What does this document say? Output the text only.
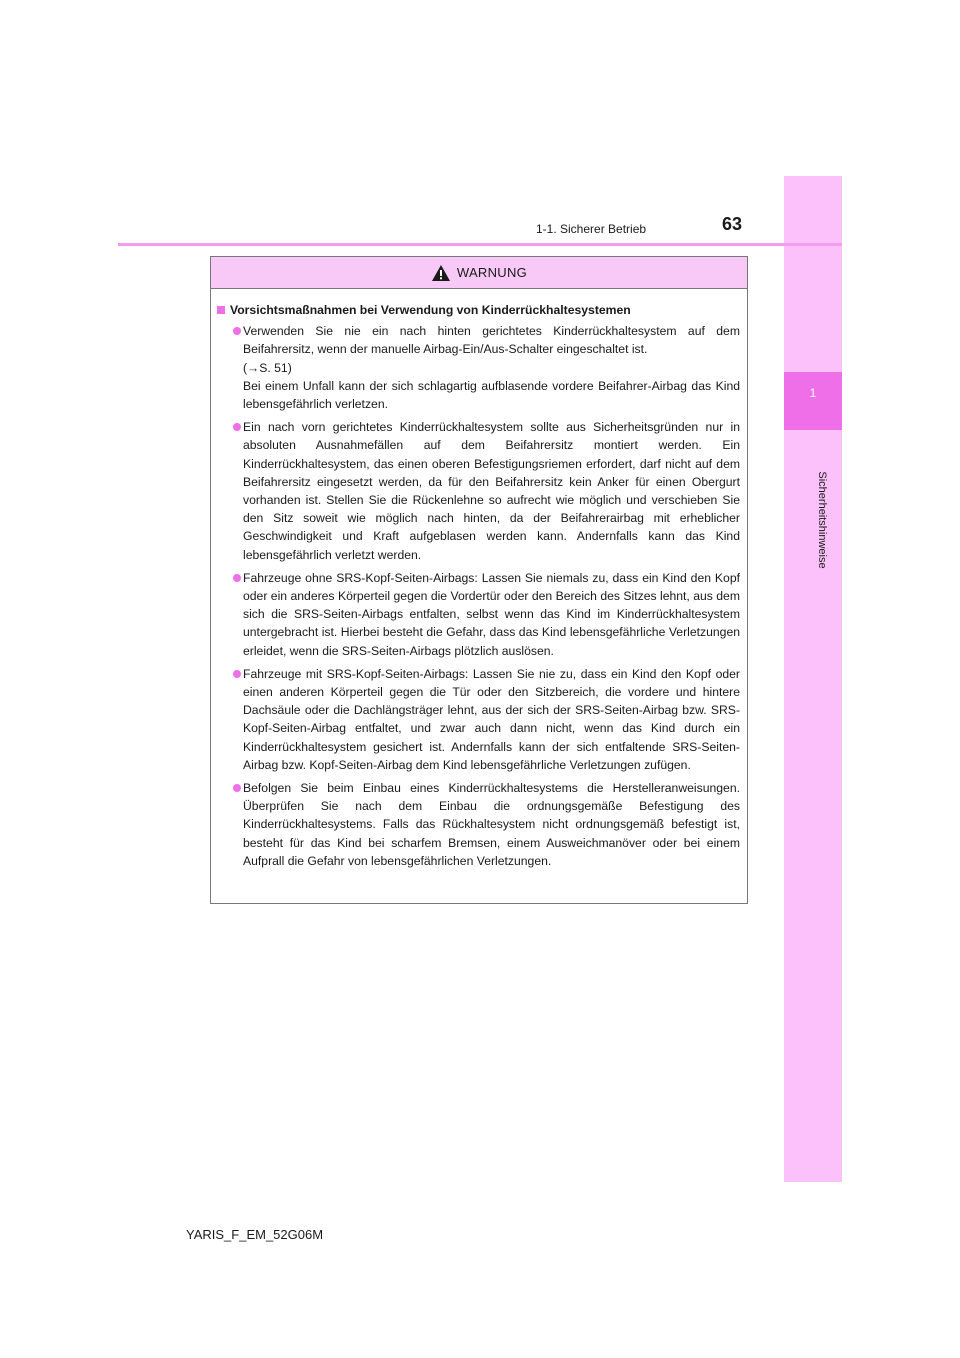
1
Sicherheitshinweise
1-1. Sicherer Betrieb	63
WARNUNG
Vorsichtsmaßnahmen bei Verwendung von Kinderrückhaltesystemen

Verwenden Sie nie ein nach hinten gerichtetes Kinderrückhaltesystem auf dem Beifahrersitz, wenn der manuelle Airbag-Ein/Aus-Schalter eingeschaltet ist.

(→S. 51)

Bei einem Unfall kann der sich schlagartig aufblasende vordere Beifahrer-Airbag das Kind lebensgefährlich verletzen.

Ein nach vorn gerichtetes Kinderrückhaltesystem sollte aus Sicherheitsgründen nur in absoluten Ausnahmefällen auf dem Beifahrersitz montiert werden. Ein Kinderrückhaltesystem, das einen oberen Befestigungsriemen erfordert, darf nicht auf dem Beifahrersitz eingesetzt werden, da für den Beifahrersitz kein Anker für einen Obergurt vorhanden ist. Stellen Sie die Rückenlehne so aufrecht wie möglich und verschieben Sie den Sitz soweit wie möglich nach hinten, da der Beifahrerairbag mit erheblicher Geschwindigkeit und Kraft aufgeblasen werden kann. Andernfalls kann das Kind lebensgefährlich verletzt werden.

Fahrzeuge ohne SRS-Kopf-Seiten-Airbags: Lassen Sie niemals zu, dass ein Kind den Kopf oder ein anderes Körperteil gegen die Vordertür oder den Bereich des Sitzes lehnt, aus dem sich die SRS-Seiten-Airbags entfalten, selbst wenn das Kind im Kinderrückhaltesystem untergebracht ist. Hierbei besteht die Gefahr, dass das Kind lebensgefährliche Verletzungen erleidet, wenn die SRS-Seiten-Airbags plötzlich auslösen.

Fahrzeuge mit SRS-Kopf-Seiten-Airbags: Lassen Sie nie zu, dass ein Kind den Kopf oder einen anderen Körperteil gegen die Tür oder den Sitzbereich, die vordere und hintere Dachsäule oder die Dachlängsträger lehnt, aus der sich der SRS-Seiten-Airbag bzw. SRS-Kopf-Seiten-Airbag entfaltet, und zwar auch dann nicht, wenn das Kind durch ein Kinderrückhaltesystem gesichert ist. Andernfalls kann der sich entfaltende SRS-Seiten-Airbag bzw. Kopf-Seiten-Airbag dem Kind lebensgefährliche Verletzungen zufügen.

Befolgen Sie beim Einbau eines Kinderrückhaltesystems die Herstelleranweisungen. Überprüfen Sie nach dem Einbau die ordnungsgemäße Befestigung des Kinderrückhaltesystems. Falls das Rückhaltesystem nicht ordnungsgemäß befestigt ist, besteht für das Kind bei scharfem Bremsen, einem Ausweichmanöver oder bei einem Aufprall die Gefahr von lebensgefährlichen Verletzungen.

YARIS_F_EM_52G06M
